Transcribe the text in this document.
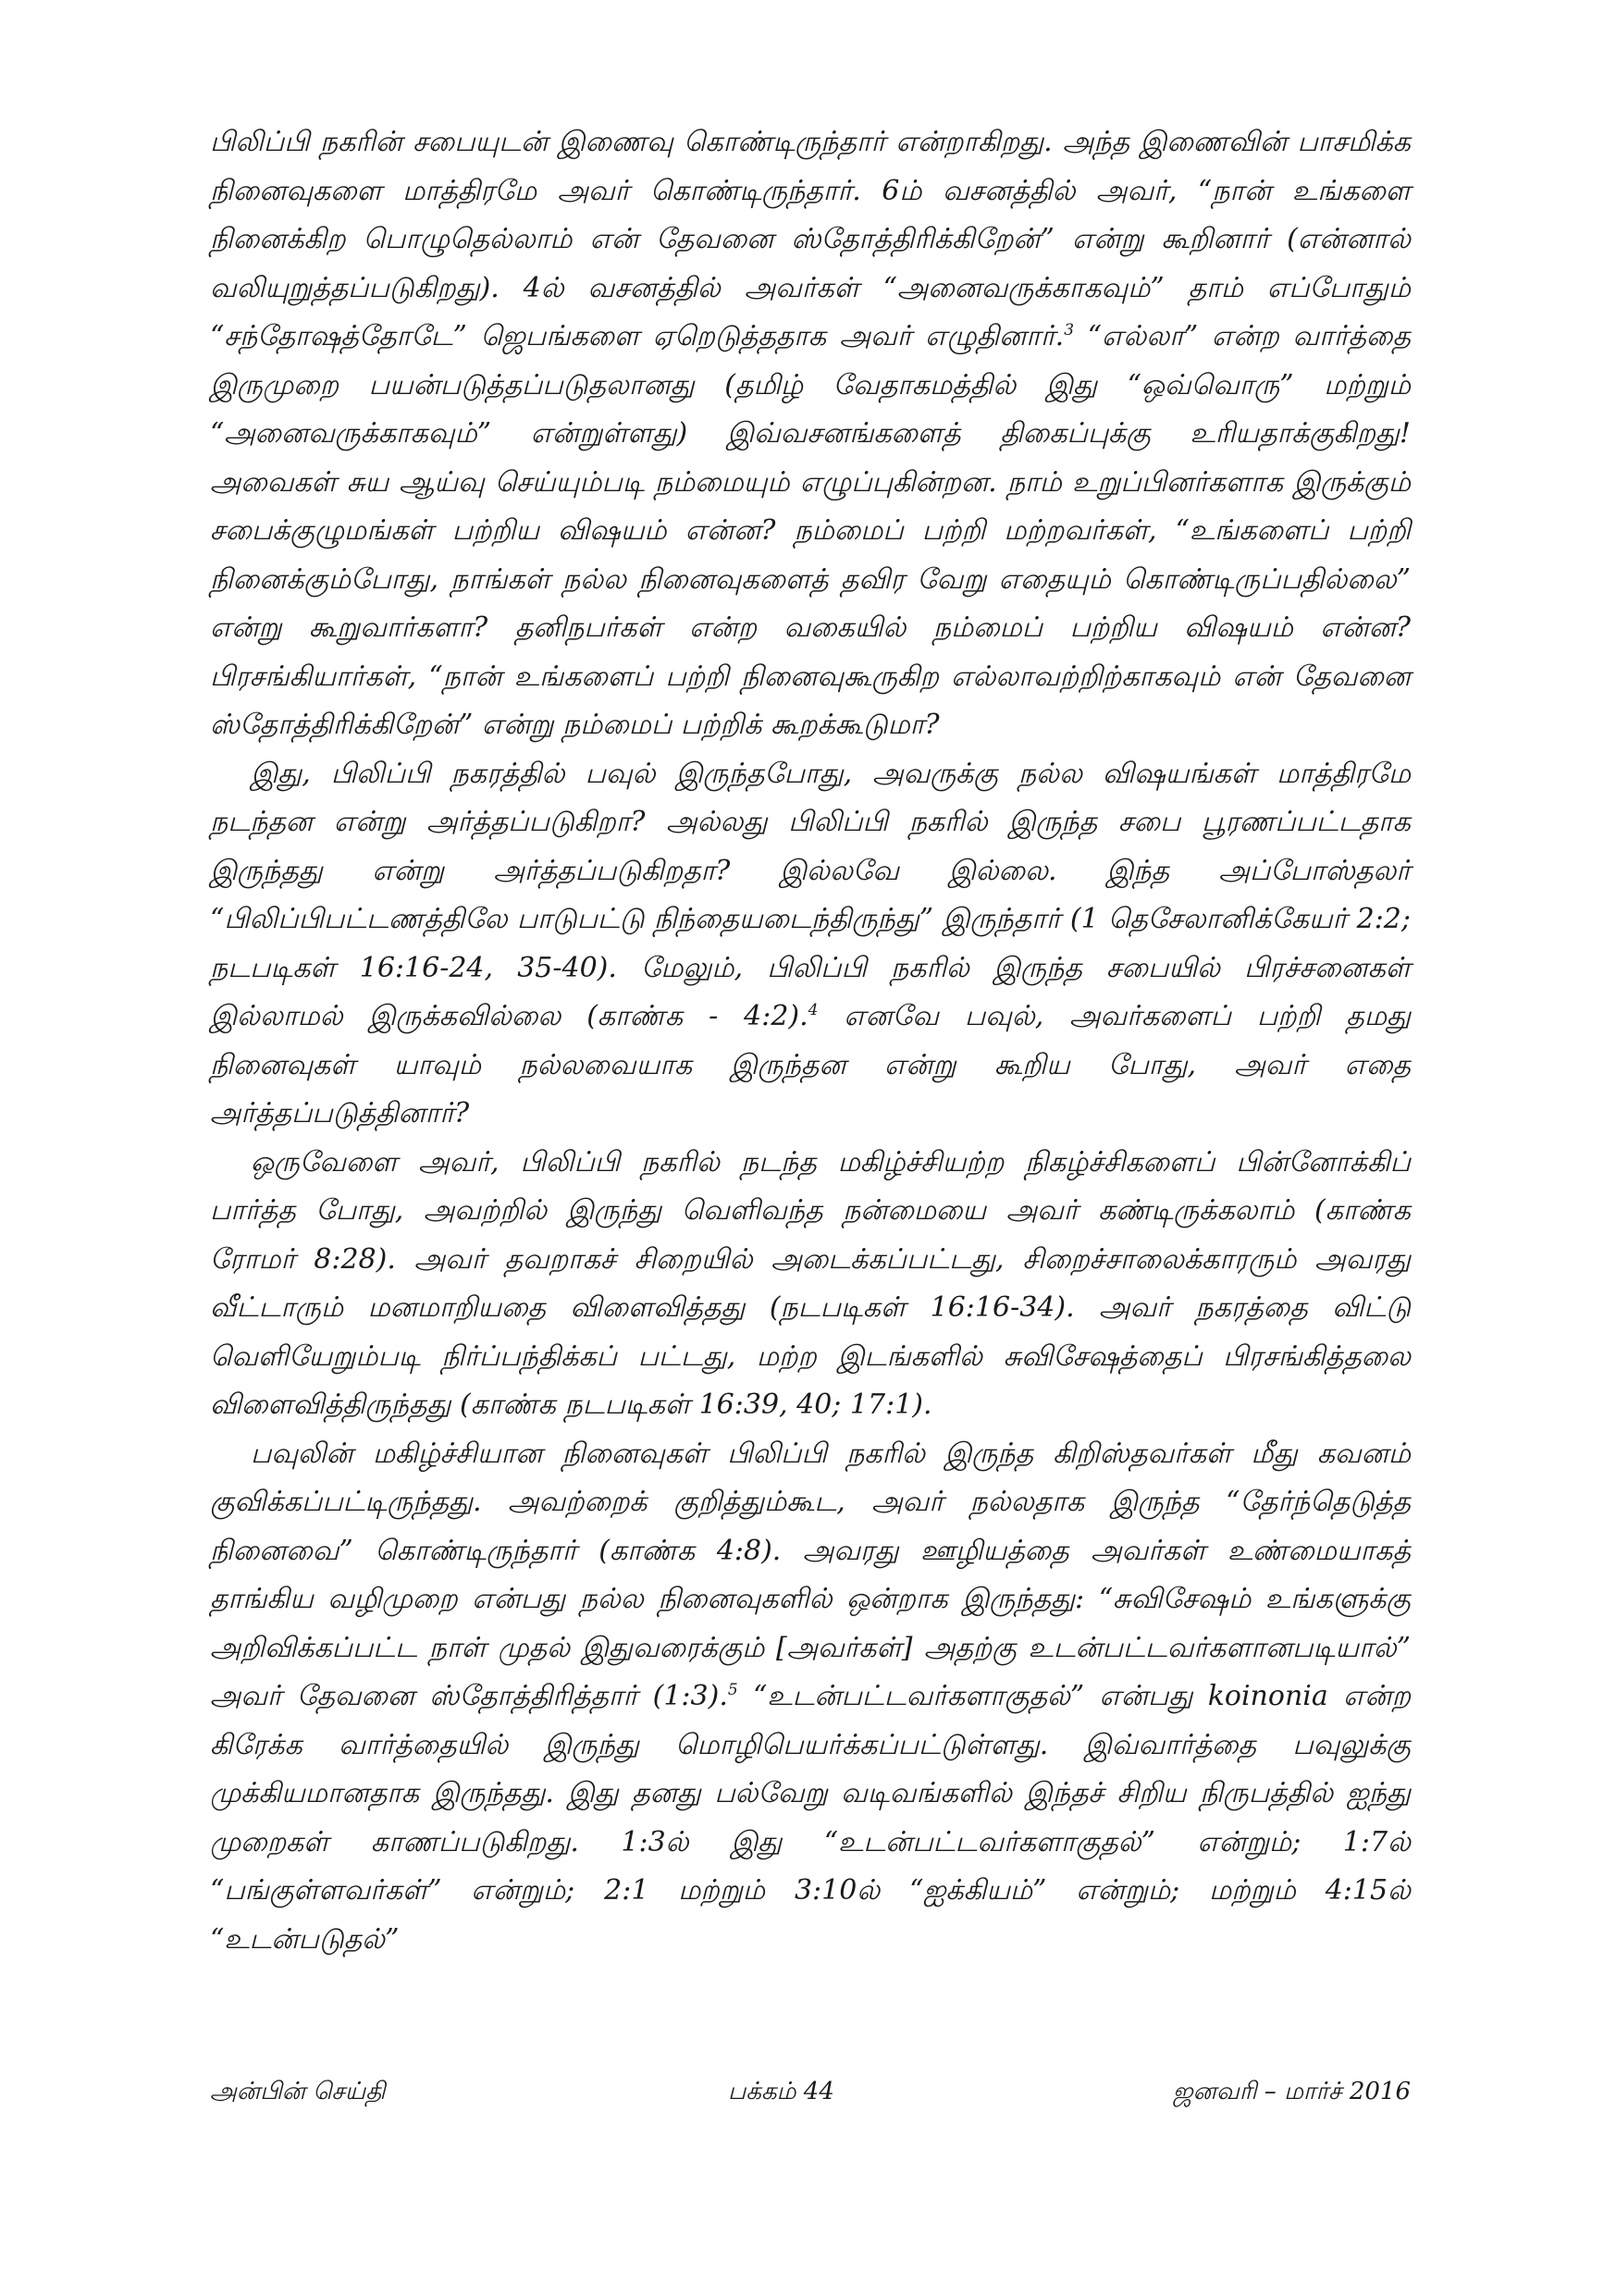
பிலிப்பி நகரின் சபையுடன் இணைவு கொண்டிருந்தார் என்றாகிறது. அந்த இணைவின் பாசமிக்க நினைவுகளை மாத்திரமே அவர் கொண்டிருந்தார். 6ம் வசனத்தில் அவர், “நான் உங்களை நினைக்கிற பொழுதெல்லாம் என் தேவனை ஸ்தோத்திரிக்கிறேன்” என்று கூறினார் (என்னால் வலியுறுத்தப்படுகிறது). 4ல் வசனத்தில் அவர்கள் “அனைவருக்காகவும்” தாம் எப்போதும் “சந்தோஷத்தோடே” ஜெபங்களை ஏறெடுத்ததாக அவர் எழுதினார்.$^3$ “எல்லா” என்ற வார்த்தை இருமுறை பயன்படுத்தப்படுதலானது (தமிழ் வேதாகமத்தில் இது “ஒவ்வொரு” மற்றும் “அனைவருக்காகவும்” என்றுள்ளது) இவ்வசனங்களைத் திகைப்புக்கு உரியதாக்குகிறது! அவைகள் சுய ஆய்வு செய்யும்படி நம்மையும் எழுப்புகின்றன. நாம் உறுப்பினர்களாக இருக்கும் சபைக்குழுமங்கள் பற்றிய விஷயம் என்ன? நம்மைப் பற்றி மற்றவர்கள், “உங்களைப் பற்றி நினைக்கும்போது, நாங்கள் நல்ல நினைவுகளைத் தவிர வேறு எதையும் கொண்டிருப்பதில்லை” என்று கூறுவார்களா? தனிநபர்கள் என்ற வகையில் நம்மைப் பற்றிய விஷயம் என்ன? பிரசங்கியார்கள், “நான் உங்களைப் பற்றி நினைவுகூருகிற எல்லாவற்றிற்காகவும் என் தேவனை ஸ்தோத்திரிக்கிறேன்” என்று நம்மைப் பற்றிக் கூறக்கூடுமா?

இது, பிலிப்பி நகரத்தில் பவுல் இருந்தபோது, அவருக்கு நல்ல விஷயங்கள் மாத்திரமே நடந்தன என்று அர்த்தப்படுகிறா? அல்லது பிலிப்பி நகரில் இருந்த சபை பூரணப்பட்டதாக இருந்தது என்று அர்த்தப்படுகிறதா? இல்லவே இல்லை. இந்த அப்போஸ்தலர் “பிலிப்பிபட்டணத்திலே பாடுபட்டு நிந்தையடைந்திருந்து” இருந்தார் (1 தெசேலானிக்கேயர் 2:2; நடபடிகள் 16:16-24, 35-40). மேலும், பிலிப்பி நகரில் இருந்த சபையில் பிரச்சனைகள் இல்லாமல் இருக்கவில்லை (காண்க - 4:2).$^4$ எனவே பவுல், அவர்களைப் பற்றி தமது நினைவுகள் யாவும் நல்லவையாக இருந்தன என்று கூறிய போது, அவர் எதை அர்த்தப்படுத்தினார்?

ஒருவேளை அவர், பிலிப்பி நகரில் நடந்த மகிழ்ச்சியற்ற நிகழ்ச்சிகளைப் பின்னோக்கிப் பார்த்த போது, அவற்றில் இருந்து வெளிவந்த நன்மையை அவர் கண்டிருக்கலாம் (காண்க ரோமர் 8:28). அவர் தவறாகச் சிறையில் அடைக்கப்பட்டது, சிறைச்சாலைக்காரரும் அவரது வீட்டாரும் மனமாறியதை விளைவித்தது (நடபடிகள் 16:16-34). அவர் நகரத்தை விட்டு வெளியேறும்படி நிர்ப்பந்திக்கப் பட்டது, மற்ற இடங்களில் சுவிசேஷத்தைப் பிரசங்கித்தலை விளைவித்திருந்தது (காண்க நடபடிகள் 16:39, 40; 17:1).

பவுலின் மகிழ்ச்சியான நினைவுகள் பிலிப்பி நகரில் இருந்த கிறிஸ்தவர்கள் மீது கவனம் குவிக்கப்பட்டிருந்தது. அவற்றைக் குறித்தும்கூட, அவர் நல்லதாக இருந்த “தேர்ந்தெடுத்த நினைவை” கொண்டிருந்தார் (காண்க 4:8). அவரது ஊழியத்தை அவர்கள் உண்மையாகத் தாங்கிய வழிமுறை என்பது நல்ல நினைவுகளில் ஒன்றாக இருந்தது: “சுவிசேஷம் உங்களுக்கு அறிவிக்கப்பட்ட நாள் முதல் இதுவரைக்கும் [அவர்கள்] அதற்கு உடன்பட்டவர்களானபடியால்” அவர் தேவனை ஸ்தோத்திரித்தார் (1:3).$^5$ “உடன்பட்டவர்களாகுதல்” என்பது koinonia என்ற கிரேக்க வார்த்தையில் இருந்து மொழிபெயர்க்கப்பட்டுள்ளது. இவ்வார்த்தை பவுலுக்கு முக்கியமானதாக இருந்தது. இது தனது பல்வேறு வடிவங்களில் இந்தச் சிறிய நிருபத்தில் ஐந்து முறைகள் காணப்படுகிறது. 1:3ல் இது “உடன்பட்டவர்களாகுதல்” என்றும்; 1:7ல் “பங்குள்ளவர்கள்” என்றும்; 2:1 மற்றும் 3:10ல் “ஐக்கியம்” என்றும்; மற்றும் 4:15ல் “உடன்படுதல்”

அன்பின் செய்தி	பக்கம் 44	ஜனவரி – மார்ச் 2016
